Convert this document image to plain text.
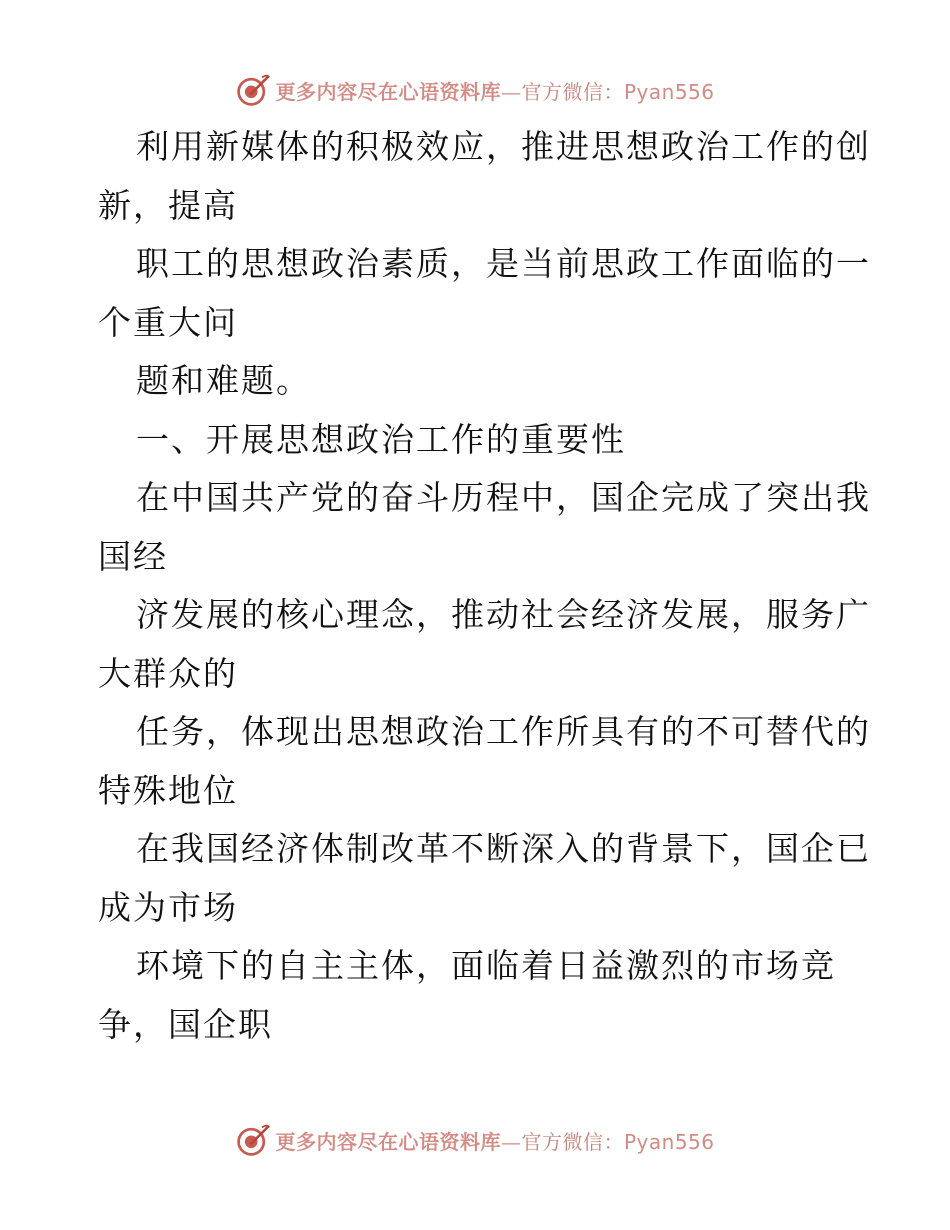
更多内容尽在心语资料库—官方微信：Pyan556
利用新媒体的积极效应，推进思想政治工作的创
新，提高
职工的思想政治素质，是当前思政工作面临的一
个重大问
题和难题。
一、开展思想政治工作的重要性
在中国共产党的奋斗历程中，国企完成了突出我
国经
济发展的核心理念，推动社会经济发展，服务广
大群众的
任务，体现出思想政治工作所具有的不可替代的
特殊地位
在我国经济体制改革不断深入的背景下，国企已
成为市场
环境下的自主主体，面临着日益激烈的市场竞
争，国企职
更多内容尽在心语资料库—官方微信：Pyan556
